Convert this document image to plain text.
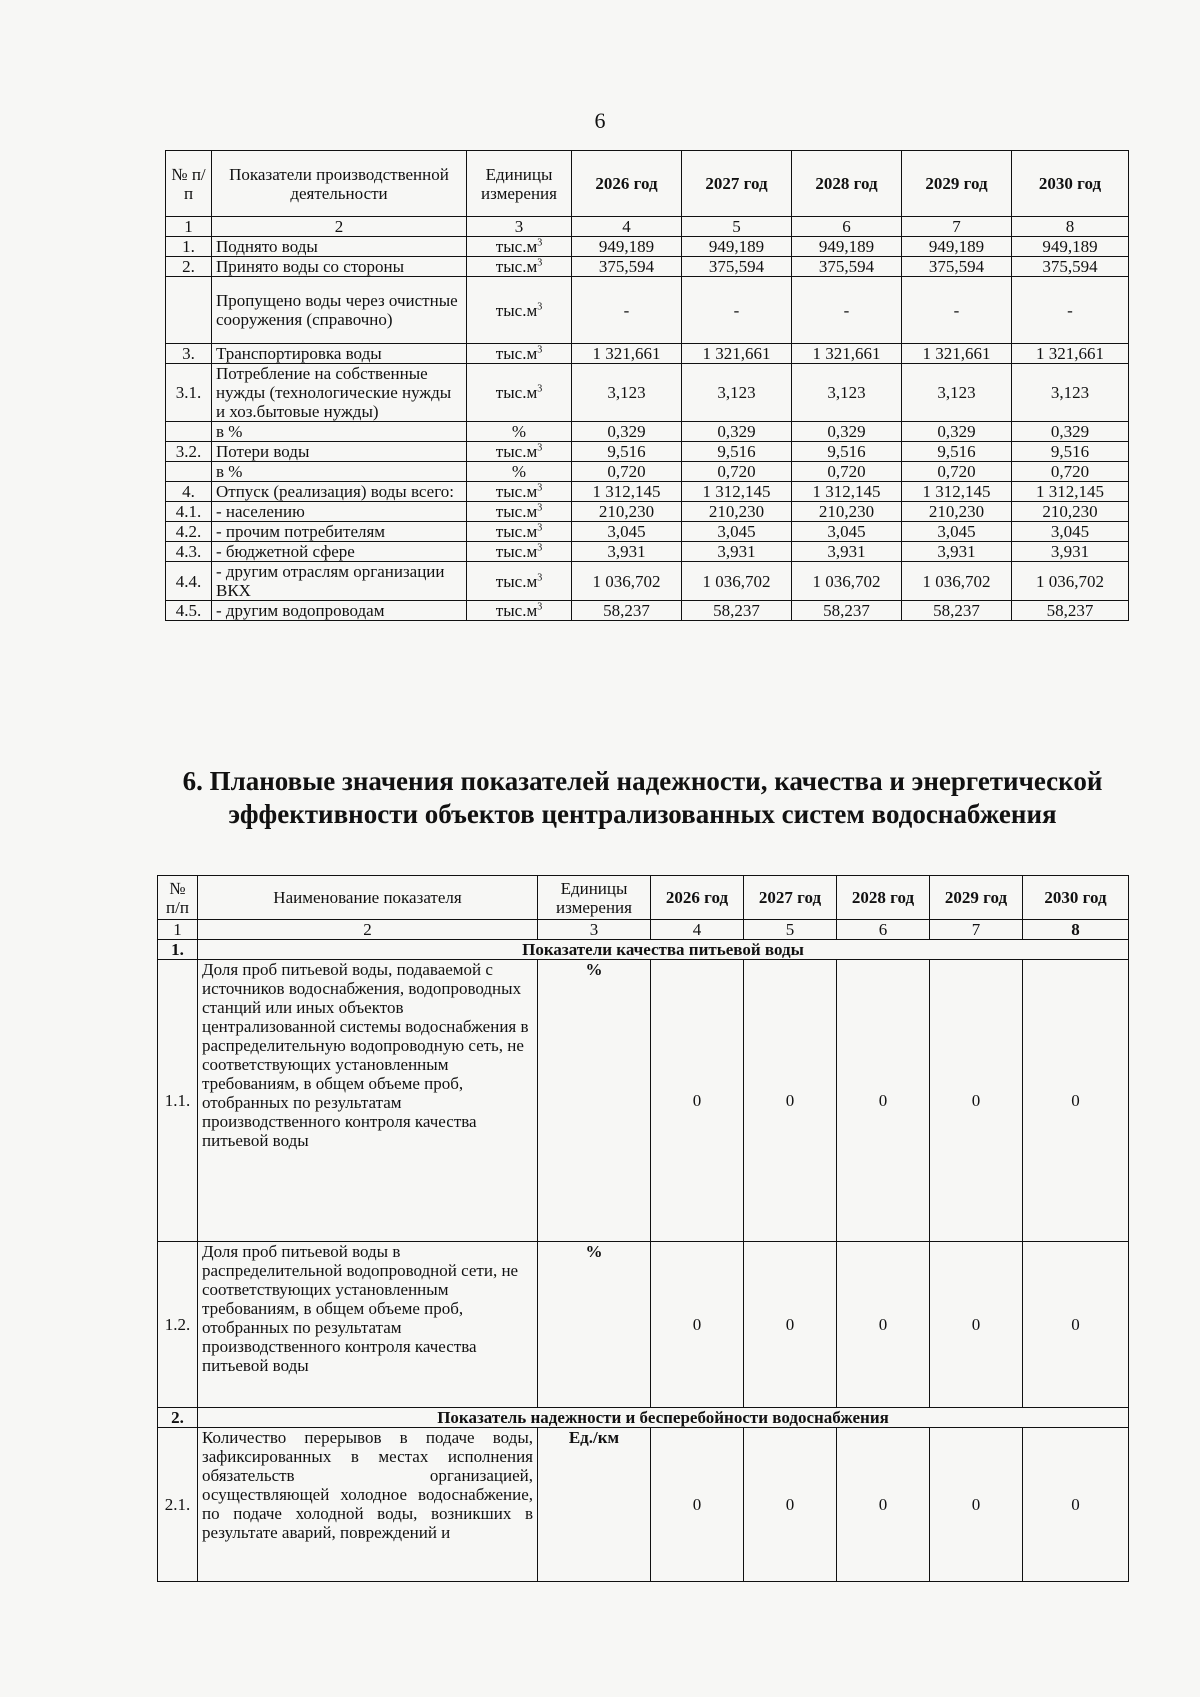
6
№ п/п	Показатели производственной деятельности	Единицы измерения	2026 год	2027 год	2028 год	2029 год	2030 год
1	2	3	4	5	6	7	8
1.	Поднято воды	$тыс.м^3$	949,189	949,189	949,189	949,189	949,189
2.	Принято воды со стороны	$тыс.м^3$	375,594	375,594	375,594	375,594	375,594
	Пропущено воды через очистные сооружения (справочно)	$тыс.м^3$	-	-	-	-	-
3.	Транспортировка воды	$тыс.м^3$	1 321,661	1 321,661	1 321,661	1 321,661	1 321,661
3.1.	Потребление на собственные нужды (технологические нужды и хоз.бытовые нужды)	$тыс.м^3$	3,123	3,123	3,123	3,123	3,123
	в %	%	0,329	0,329	0,329	0,329	0,329
3.2.	Потери воды	$тыс.м^3$	9,516	9,516	9,516	9,516	9,516
	в %	%	0,720	0,720	0,720	0,720	0,720
4.	Отпуск (реализация) воды всего:	$тыс.м^3$	1 312,145	1 312,145	1 312,145	1 312,145	1 312,145
4.1.	- населению	$тыс.м^3$	210,230	210,230	210,230	210,230	210,230
4.2.	- прочим потребителям	$тыс.м^3$	3,045	3,045	3,045	3,045	3,045
4.3.	- бюджетной сфере	$тыс.м^3$	3,931	3,931	3,931	3,931	3,931
4.4.	- другим отраслям организации ВКХ	$тыс.м^3$	1 036,702	1 036,702	1 036,702	1 036,702	1 036,702
4.5.	- другим водопроводам	$тыс.м^3$	58,237	58,237	58,237	58,237	58,237
6. Плановые значения показателей надежности, качества и энергетической эффективности объектов централизованных систем водоснабжения
№ п/п	Наименование показателя	Единицы измерения	2026 год	2027 год	2028 год	2029 год	2030 год
1	2	3	4	5	6	7	8
1.	Показатели качества питьевой воды						
1.1.	Доля проб питьевой воды, подаваемой с источников водоснабжения, водопроводных станций или иных объектов централизованной системы водоснабжения в распределительную водопроводную сеть, не соответствующих установленным требованиям, в общем объеме проб, отобранных по результатам производственного контроля качества питьевой воды	%	0	0	0	0	0
1.2.	Доля проб питьевой воды в распределительной водопроводной сети, не соответствующих установленным требованиям, в общем объеме проб, отобранных по результатам производственного контроля качества питьевой воды	%	0	0	0	0	0
2.	Показатель надежности и бесперебойности водоснабжения						
2.1.	Количество перерывов в подаче воды, зафиксированных в местах исполнения обязательств организацией, осуществляющей холодное водоснабжение, по подаче холодной воды, возникших в результате аварий, повреждений и	Ед./км	0	0	0	0	0
